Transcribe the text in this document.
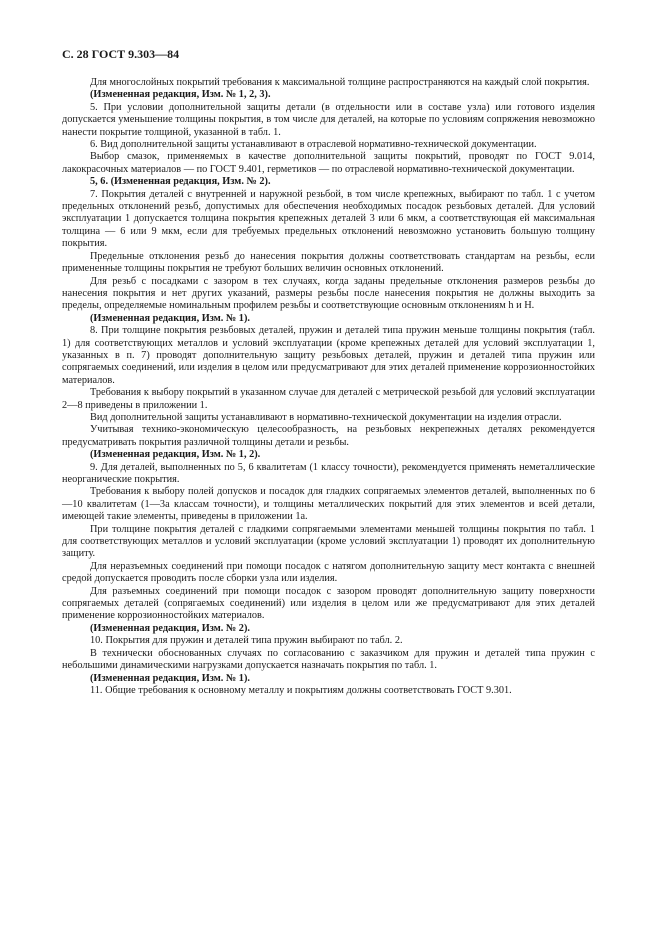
С. 28 ГОСТ 9.303—84

Для многослойных покрытий требования к максимальной толщине распространяются на каждый слой покрытия.

(Измененная редакция, Изм. № 1, 2, 3).

5. При условии дополнительной защиты детали (в отдельности или в составе узла) или готового изделия допускается уменьшение толщины покрытия, в том числе для деталей, на которые по условиям сопряжения невозможно нанести покрытие толщиной, указанной в табл. 1.

6. Вид дополнительной защиты устанавливают в отраслевой нормативно-технической документации.

Выбор смазок, применяемых в качестве дополнительной защиты покрытий, проводят по ГОСТ 9.014, лакокрасочных материалов — по ГОСТ 9.401, герметиков — по отраслевой нормативно-технической документации.

5, 6. (Измененная редакция, Изм. № 2).

7. Покрытия деталей с внутренней и наружной резьбой, в том числе крепежных, выбирают по табл. 1 с учетом предельных отклонений резьб, допустимых для обеспечения необходимых посадок резьбовых деталей. Для условий эксплуатации 1 допускается толщина покрытия крепежных деталей 3 или 6 мкм, а соответствующая ей максимальная толщина — 6 или 9 мкм, если для требуемых предельных отклонений невозможно установить большую толщину покрытия.

Предельные отклонения резьб до нанесения покрытия должны соответствовать стандартам на резьбы, если примененные толщины покрытия не требуют больших величин основных отклонений.

Для резьб с посадками с зазором в тех случаях, когда заданы предельные отклонения размеров резьбы до нанесения покрытия и нет других указаний, размеры резьбы после нанесения покрытия не должны выходить за пределы, определяемые номинальным профилем резьбы и соответствующие основным отклонениям h и H.

(Измененная редакция, Изм. № 1).

8. При толщине покрытия резьбовых деталей, пружин и деталей типа пружин меньше толщины покрытия (табл. 1) для соответствующих металлов и условий эксплуатации (кроме крепежных деталей для условий эксплуатации 1, указанных в п. 7) проводят дополнительную защиту резьбовых деталей, пружин и деталей типа пружин или сопрягаемых соединений, или изделия в целом или предусматривают для этих деталей применение коррозионностойких материалов.

Требования к выбору покрытий в указанном случае для деталей с метрической резьбой для условий эксплуатации 2—8 приведены в приложении 1.

Вид дополнительной защиты устанавливают в нормативно-технической документации на изделия отрасли.

Учитывая технико-экономическую целесообразность, на резьбовых некрепежных деталях рекомендуется предусматривать покрытия различной толщины детали и резьбы.

(Измененная редакция, Изм. № 1, 2).

9. Для деталей, выполненных по 5, 6 квалитетам (1 классу точности), рекомендуется применять неметаллические неорганические покрытия.

Требования к выбору полей допусков и посадок для гладких сопрягаемых элементов деталей, выполненных по 6—10 квалитетам (1—3а классам точности), и толщины металлических покрытий для этих элементов и всей детали, имеющей такие элементы, приведены в приложении 1а.

При толщине покрытия деталей с гладкими сопрягаемыми элементами меньшей толщины покрытия по табл. 1 для соответствующих металлов и условий эксплуатации (кроме условий эксплуатации 1) проводят их дополнительную защиту.

Для неразъемных соединений при помощи посадок с натягом дополнительную защиту мест контакта с внешней средой допускается проводить после сборки узла или изделия.

Для разъемных соединений при помощи посадок с зазором проводят дополнительную защиту поверхности сопрягаемых деталей (сопрягаемых соединений) или изделия в целом или же предусматривают для этих деталей применение коррозионностойких материалов.

(Измененная редакция, Изм. № 2).

10. Покрытия для пружин и деталей типа пружин выбирают по табл. 2.

В технически обоснованных случаях по согласованию с заказчиком для пружин и деталей типа пружин с небольшими динамическими нагрузками допускается назначать покрытия по табл. 1.

(Измененная редакция, Изм. № 1).

11. Общие требования к основному металлу и покрытиям должны соответствовать ГОСТ 9.301.
